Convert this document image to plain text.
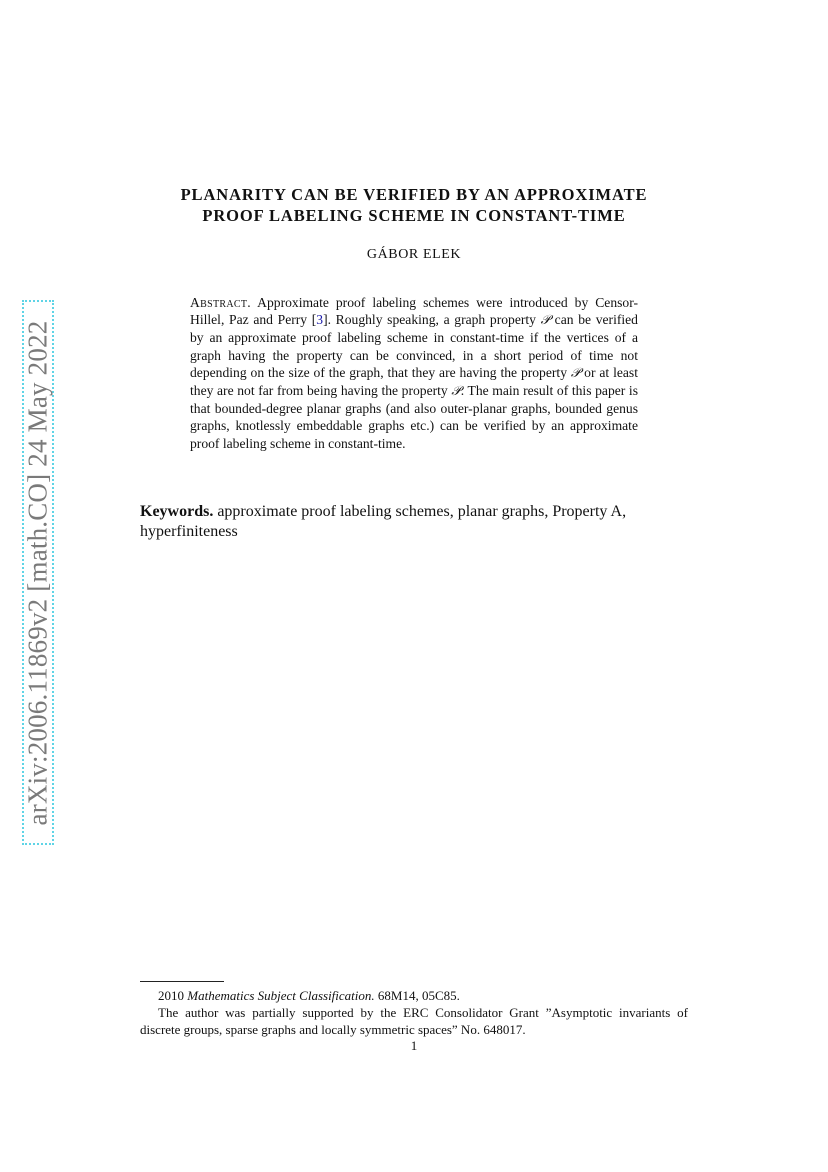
arXiv:2006.11869v2 [math.CO] 24 May 2022
PLANARITY CAN BE VERIFIED BY AN APPROXIMATE
PROOF LABELING SCHEME IN CONSTANT-TIME
GÁBOR ELEK
Abstract. Approximate proof labeling schemes were introduced by Censor-Hillel, Paz and Perry [3]. Roughly speaking, a graph property 𝒫 can be verified by an approximate proof labeling scheme in constant-time if the vertices of a graph having the property can be convinced, in a short period of time not depending on the size of the graph, that they are having the property 𝒫 or at least they are not far from being having the property 𝒫. The main result of this paper is that bounded-degree planar graphs (and also outer-planar graphs, bounded genus graphs, knotlessly embeddable graphs etc.) can be verified by an approximate proof labeling scheme in constant-time.
Keywords. approximate proof labeling schemes, planar graphs, Property A, hyperfiniteness
2010 Mathematics Subject Classification. 68M14, 05C85.
The author was partially supported by the ERC Consolidator Grant ”Asymptotic invariants of discrete groups, sparse graphs and locally symmetric spaces” No. 648017.
1
